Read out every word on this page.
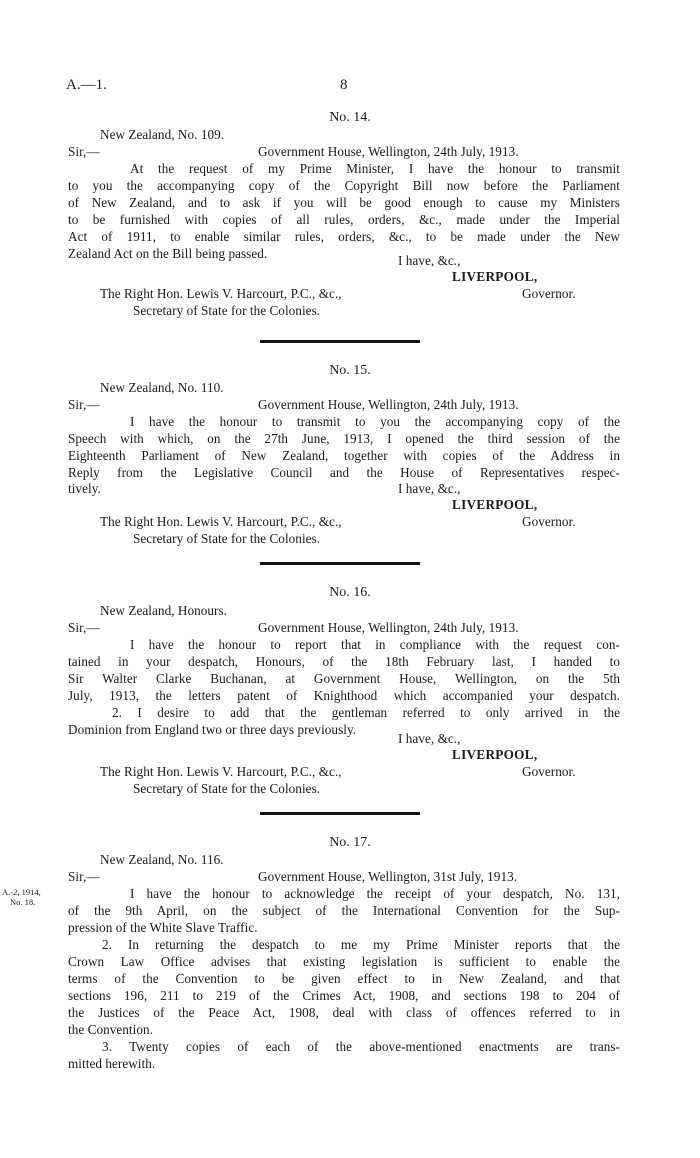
A.—1.	8
No. 14.
New Zealand, No. 109.
Sir,—	Government House, Wellington, 24th July, 1913.
At the request of my Prime Minister, I have the honour to transmit
to you the accompanying copy of the Copyright Bill now before the Parliament
of New Zealand, and to ask if you will be good enough to cause my Ministers
to be furnished with copies of all rules, orders, &c., made under the Imperial
Act of 1911, to enable similar rules, orders, &c., to be made under the New
Zealand Act on the Bill being passed.	I have, &c.,
LIVERPOOL,
The Right Hon. Lewis V. Harcourt, P.C., &c.,	Governor.
Secretary of State for the Colonies.
No. 15.
New Zealand, No. 110.
Sir,—	Government House, Wellington, 24th July, 1913.
I have the honour to transmit to you the accompanying copy of the
Speech with which, on the 27th June, 1913, I opened the third session of the
Eighteenth Parliament of New Zealand, together with copies of the Address in
Reply from the Legislative Council and the House of Representatives respec-
tively.	I have, &c.,
LIVERPOOL,
The Right Hon. Lewis V. Harcourt, P.C., &c.,	Governor.
Secretary of State for the Colonies.
No. 16.
New Zealand, Honours.
Sir,—	Government House, Wellington, 24th July, 1913.
I have the honour to report that in compliance with the request con-
tained in your despatch, Honours, of the 18th February last, I handed to
Sir Walter Clarke Buchanan, at Government House, Wellington, on the 5th
July, 1913, the letters patent of Knighthood which accompanied your despatch.
2. I desire to add that the gentleman referred to only arrived in the
Dominion from England two or three days previously.
I have, &c.,
LIVERPOOL,
The Right Hon. Lewis V. Harcourt, P.C., &c.,	Governor.
Secretary of State for the Colonies.
No. 17.
New Zealand, No. 116.
Sir,—	Government House, Wellington, 31st July, 1913.
A.-2, 1914,
No. 18.
I have the honour to acknowledge the receipt of your despatch, No. 131,
of the 9th April, on the subject of the International Convention for the Sup-
pression of the White Slave Traffic.
2. In returning the despatch to me my Prime Minister reports that the
Crown Law Office advises that existing legislation is sufficient to enable the
terms of the Convention to be given effect to in New Zealand, and that
sections 196, 211 to 219 of the Crimes Act, 1908, and sections 198 to 204 of
the Justices of the Peace Act, 1908, deal with class of offences referred to in
the Convention.
3. Twenty copies of each of the above-mentioned enactments are trans-
mitted herewith.
